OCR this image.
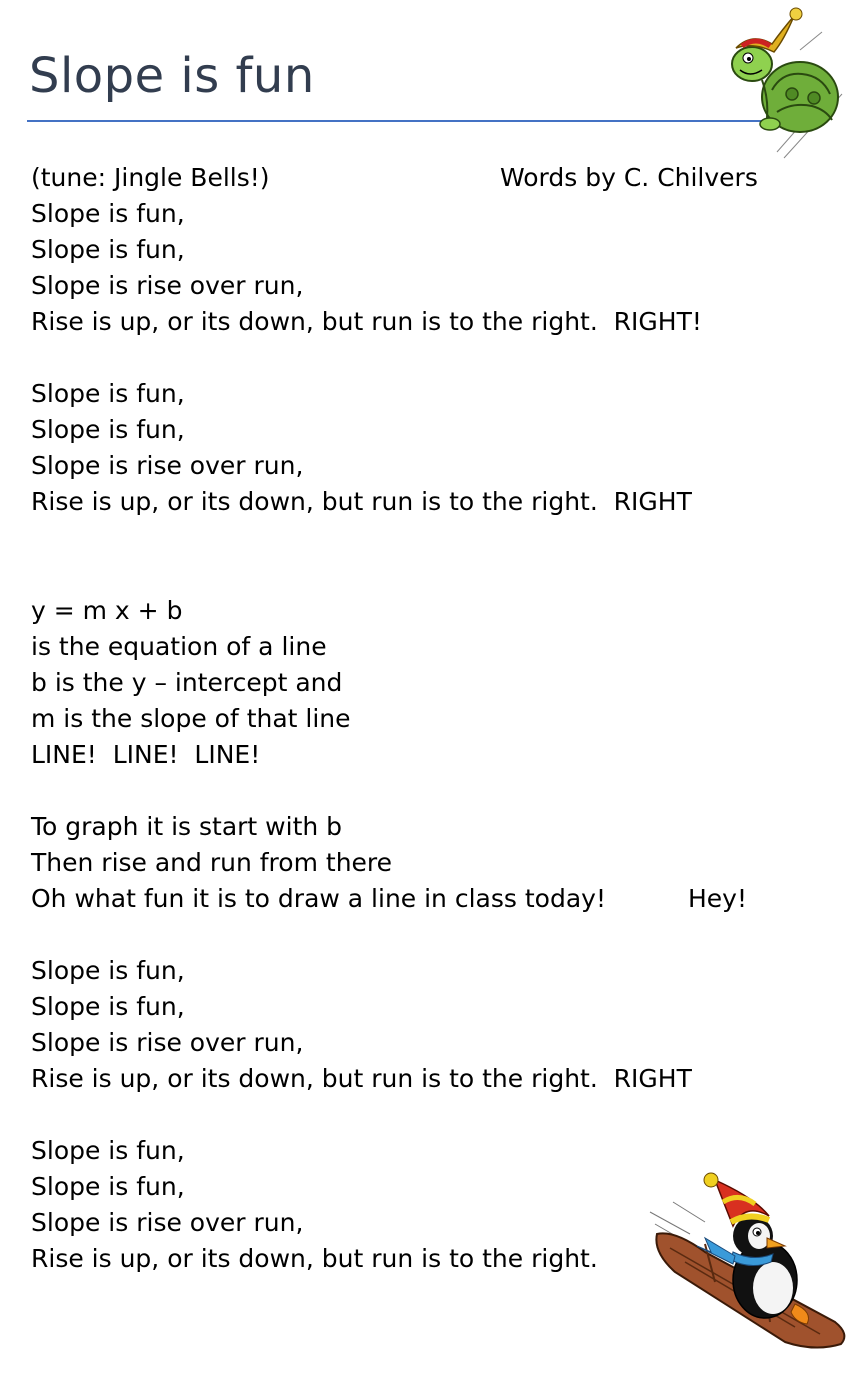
Slope is fun
(tune: Jingle Bells!)	Words by C. Chilvers
Slope is fun,
Slope is fun,
Slope is rise over run,
Rise is up, or its down, but run is to the right.  RIGHT!
Slope is fun,
Slope is fun,
Slope is rise over run,
Rise is up, or its down, but run is to the right.  RIGHT
y = m x + b
is the equation of a line
b is the y – intercept and
m is the slope of that line
LINE!  LINE!  LINE!
To graph it is start with b
Then rise and run from there
Oh what fun it is to draw a line in class today!	Hey!
Slope is fun,
Slope is fun,
Slope is rise over run,
Rise is up, or its down, but run is to the right.  RIGHT
Slope is fun,
Slope is fun,
Slope is rise over run,
Rise is up, or its down, but run is to the right.
